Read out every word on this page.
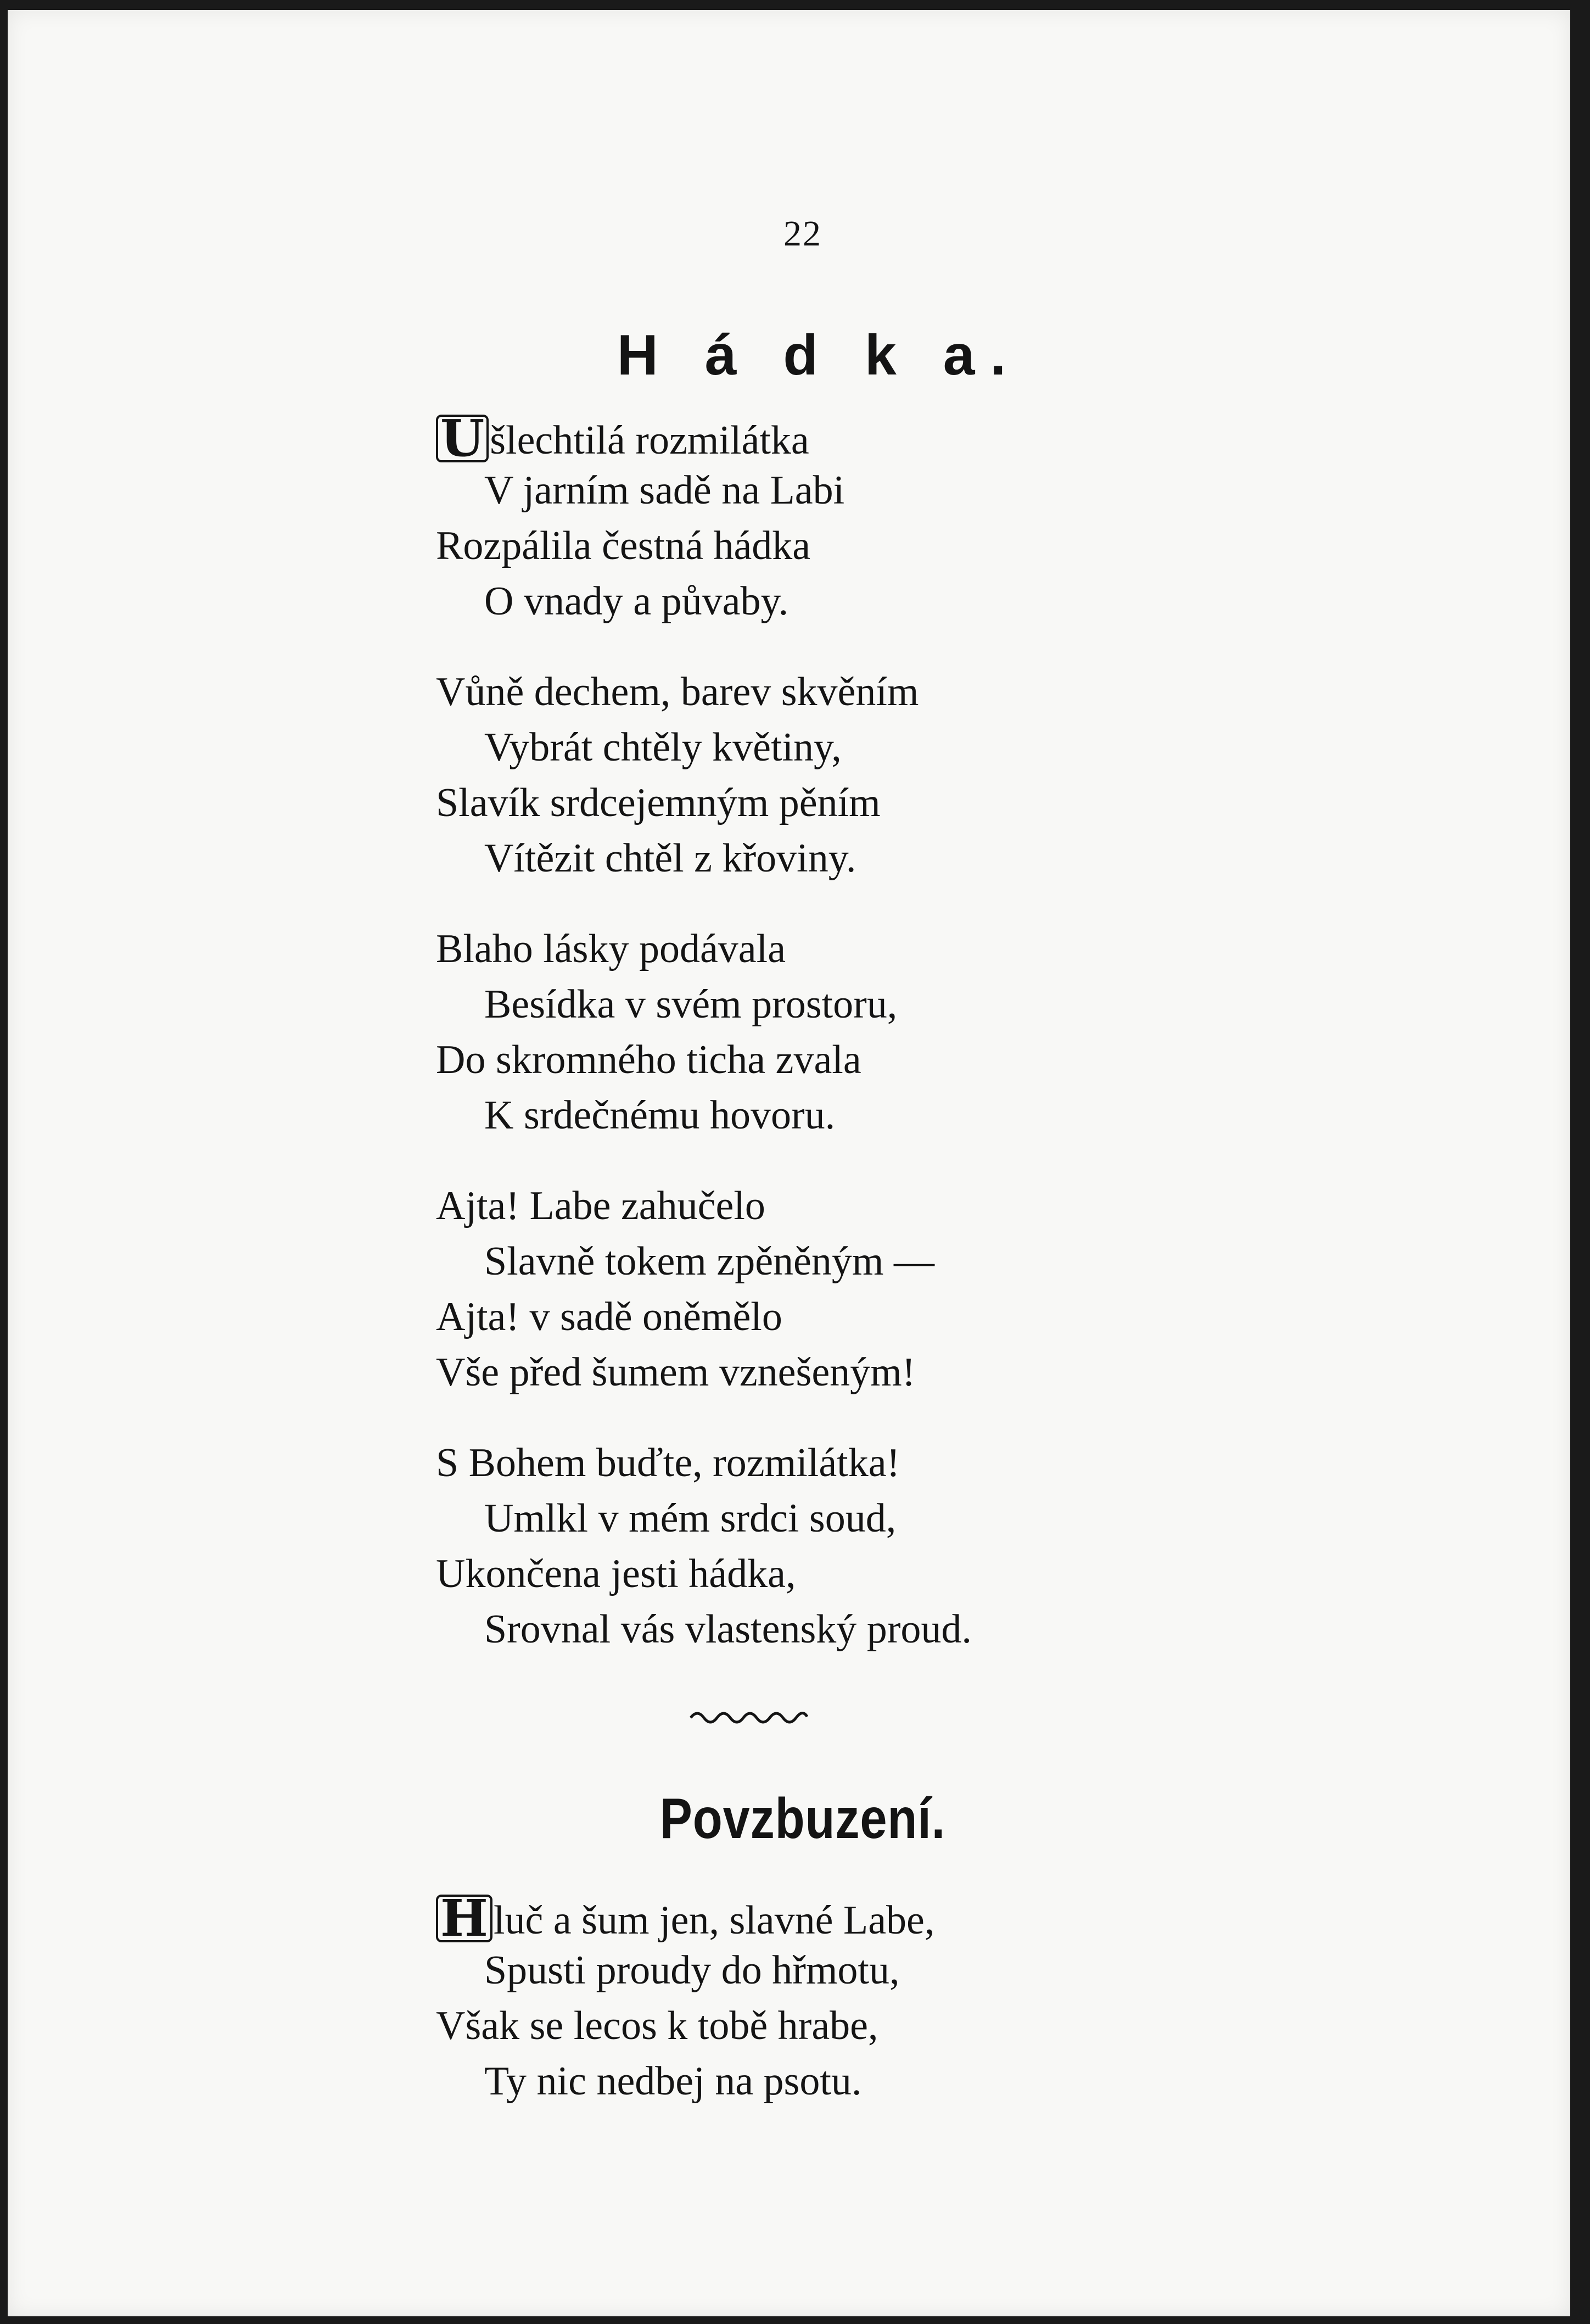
22
H á d k a.
U šlechtilá rozmilátka
V jarním sadě na Labi
Rozpálila čestná hádka
O vnady a půvaby.
Vůně dechem, barev skvěním
Vybrát chtěly květiny,
Slavík srdcejemným pěním
Vítězit chtěl z křoviny.
Blaho lásky podávala
Besídka v svém prostoru,
Do skromného ticha zvala
K srdečnému hovoru.
Ajta! Labe zahučelo
Slavně tokem zpěněným —
Ajta! v sadě oněmělo
Vše před šumem vznešeným!
S Bohem buďte, rozmilátka!
Umlkl v mém srdci soud,
Ukončena jesti hádka,
Srovnal vás vlastenský proud.
Povzbuzení.
H luč a šum jen, slavné Labe,
Spusti proudy do hřmotu,
Však se lecos k tobě hrabe,
Ty nic nedbej na psotu.
